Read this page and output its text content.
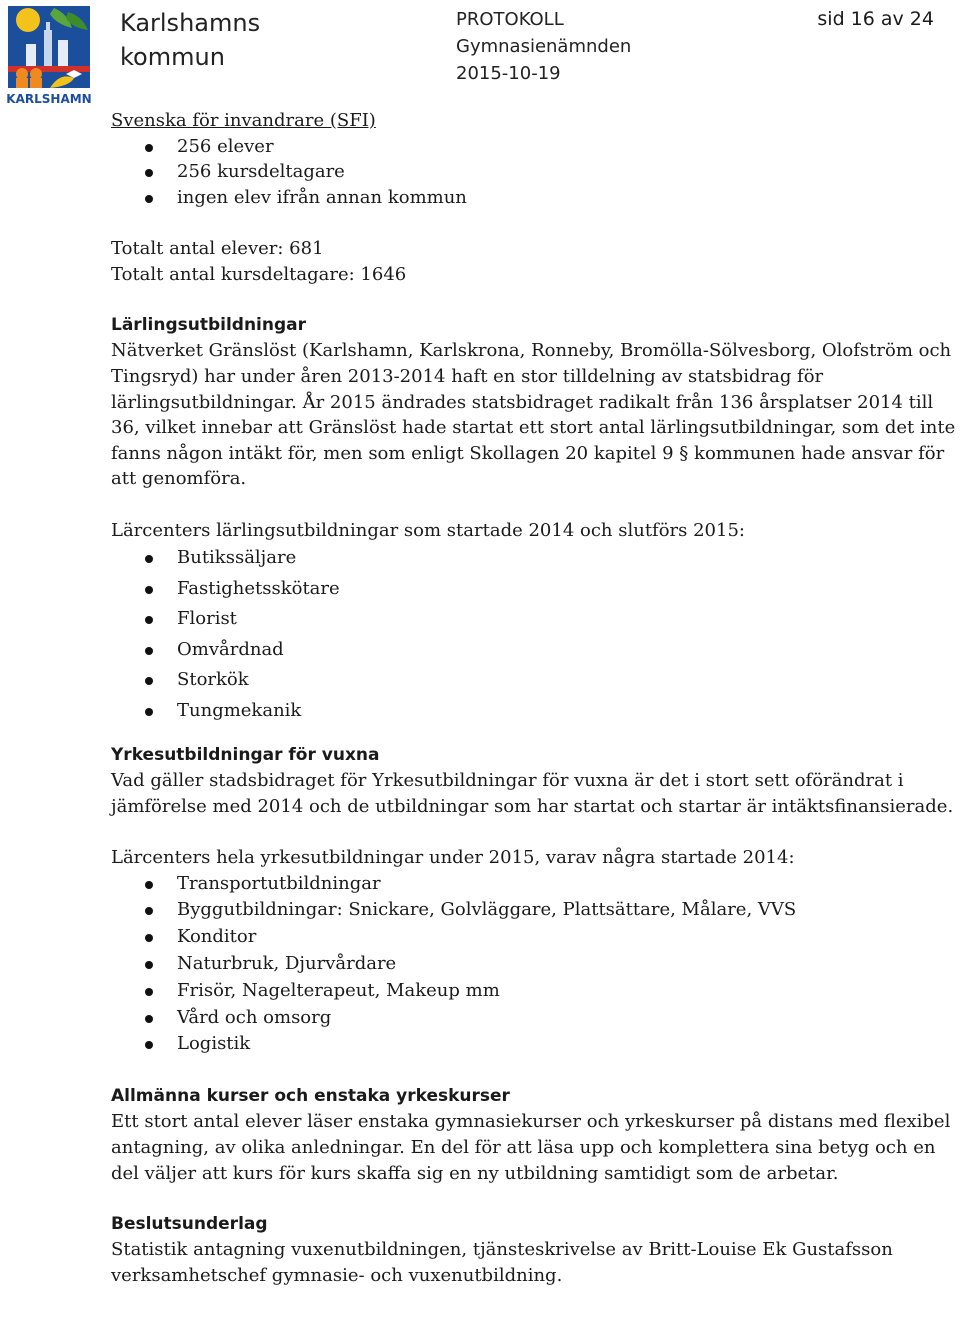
KARLSHAMN
Karlshamns
kommun
PROTOKOLL
Gymnasienämnden
2015-10-19
sid 16 av 24

Svenska för invandrare (SFI)

256 elever
256 kursdeltagare
ingen elev ifrån annan kommun

Totalt antal elever: 681

Totalt antal kursdeltagare: 1646

Lärlingsutbildningar

Nätverket Gränslöst (Karlshamn, Karlskrona, Ronneby, Bromölla-Sölvesborg, Olofström och Tingsryd) har under åren 2013-2014 haft en stor tilldelning av statsbidrag för lärlingsutbildningar. År 2015 ändrades statsbidraget radikalt från 136 årsplatser 2014 till 36, vilket innebar att Gränslöst hade startat ett stort antal lärlingsutbildningar, som det inte fanns någon intäkt för, men som enligt Skollagen 20 kapitel 9 § kommunen hade ansvar för att genomföra.

Lärcenters lärlingsutbildningar som startade 2014 och slutförs 2015:

Butikssäljare
Fastighetsskötare
Florist
Omvårdnad
Storkök
Tungmekanik

Yrkesutbildningar för vuxna

Vad gäller stadsbidraget för Yrkesutbildningar för vuxna är det i stort sett oförändrat i jämförelse med 2014 och de utbildningar som har startat och startar är intäktsfinansierade.

Lärcenters hela yrkesutbildningar under 2015, varav några startade 2014:

Transportutbildningar
Byggutbildningar: Snickare, Golvläggare, Plattsättare, Målare, VVS
Konditor
Naturbruk, Djurvårdare
Frisör, Nagelterapeut, Makeup mm
Vård och omsorg
Logistik

Allmänna kurser och enstaka yrkeskurser

Ett stort antal elever läser enstaka gymnasiekurser och yrkeskurser på distans med flexibel antagning, av olika anledningar. En del för att läsa upp och komplettera sina betyg och en del väljer att kurs för kurs skaffa sig en ny utbildning samtidigt som de arbetar.

Beslutsunderlag

Statistik antagning vuxenutbildningen, tjänsteskrivelse av Britt-Louise Ek Gustafsson verksamhetschef gymnasie- och vuxenutbildning.
